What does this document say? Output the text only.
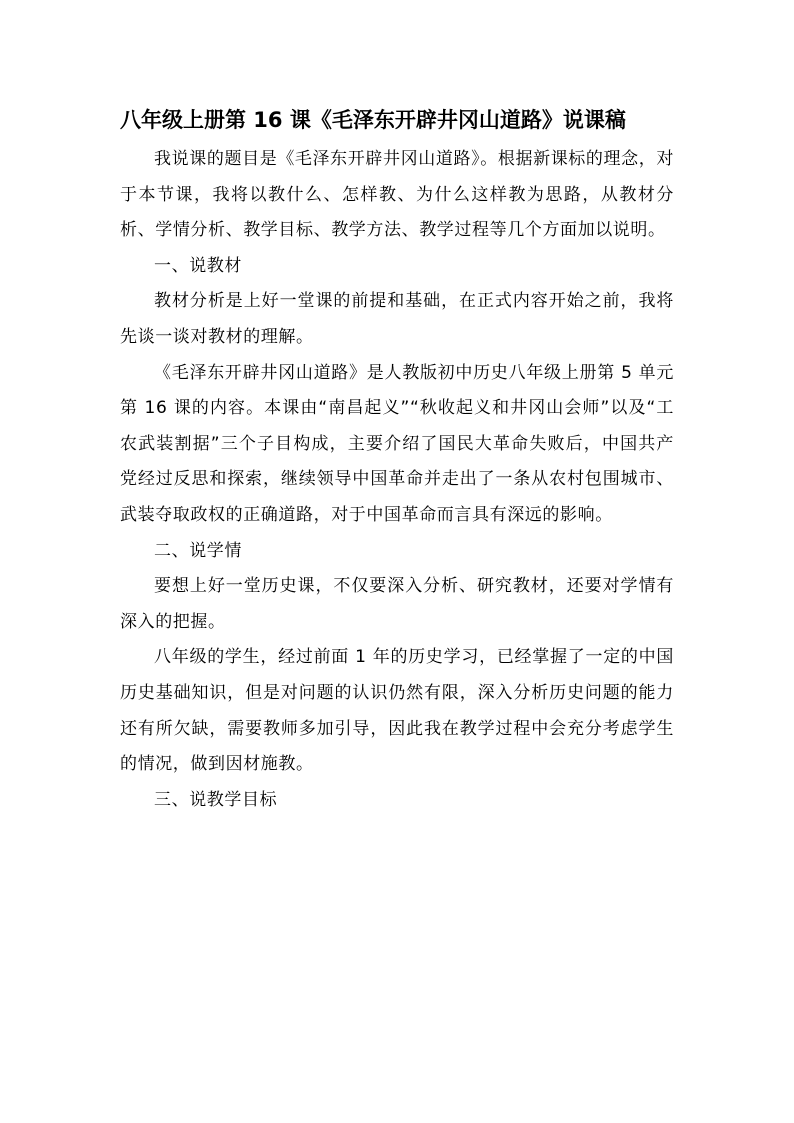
八年级上册第 16 课《毛泽东开辟井冈山道路》说课稿

我说课的题目是《毛泽东开辟井冈山道路》。根据新课标的理念，对于本节课，我将以教什么、怎样教、为什么这样教为思路，从教材分析、学情分析、教学目标、教学方法、教学过程等几个方面加以说明。

一、说教材

教材分析是上好一堂课的前提和基础，在正式内容开始之前，我将先谈一谈对教材的理解。

《毛泽东开辟井冈山道路》是人教版初中历史八年级上册第 5 单元第 16 课的内容。本课由“南昌起义”“秋收起义和井冈山会师”以及“工农武装割据”三个子目构成，主要介绍了国民大革命失败后，中国共产党经过反思和探索，继续领导中国革命并走出了一条从农村包围城市、武装夺取政权的正确道路，对于中国革命而言具有深远的影响。

二、说学情

要想上好一堂历史课，不仅要深入分析、研究教材，还要对学情有深入的把握。

八年级的学生，经过前面 1 年的历史学习，已经掌握了一定的中国历史基础知识，但是对问题的认识仍然有限，深入分析历史问题的能力还有所欠缺，需要教师多加引导，因此我在教学过程中会充分考虑学生的情况，做到因材施教。

三、说教学目标
